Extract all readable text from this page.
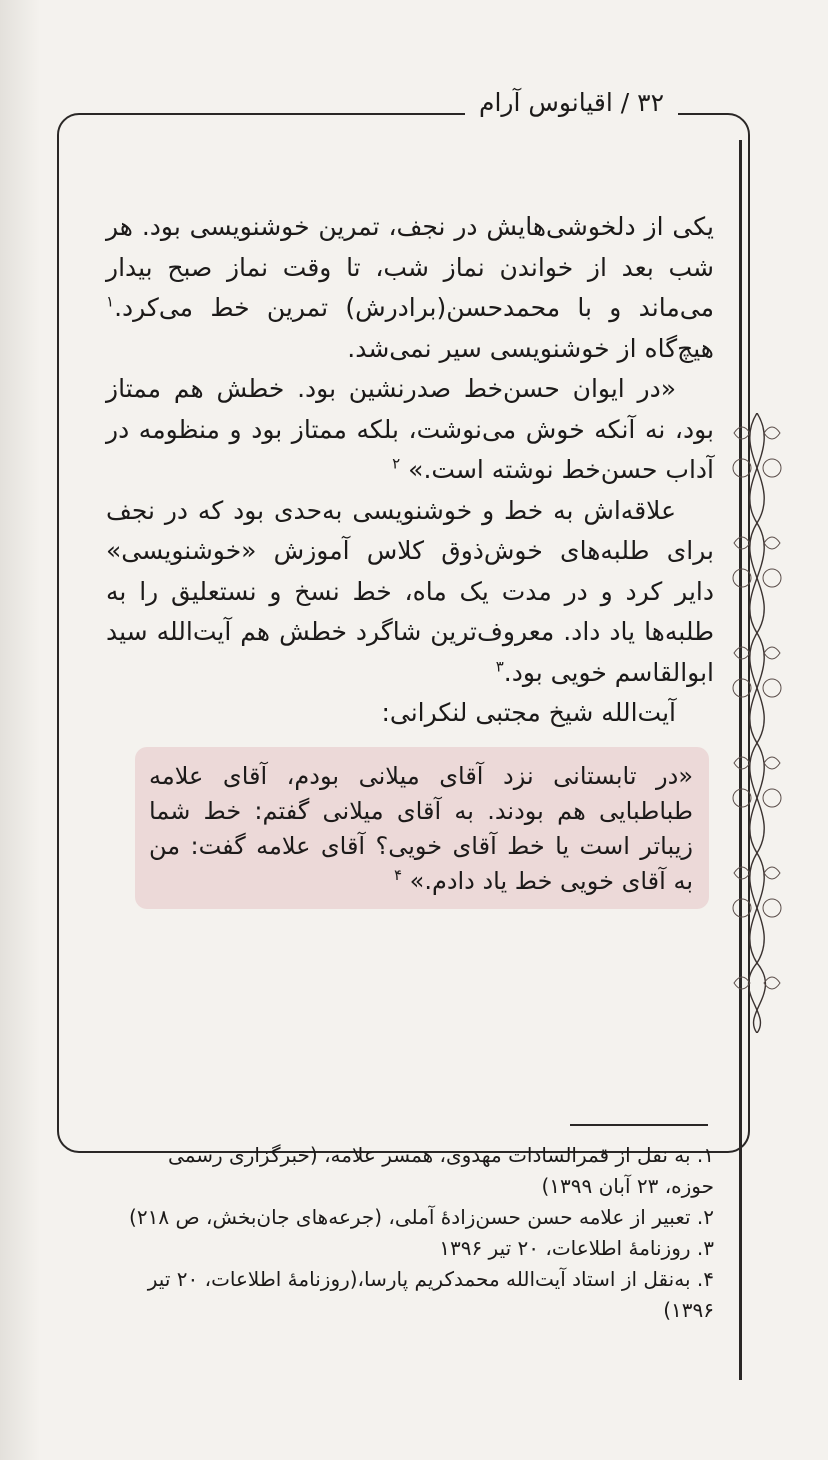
۳۲ / اقیانوس آرام

یکی از دلخوشی‌هایش در نجف، تمرین خوشنویسی بود. هر شب بعد از خواندن نماز شب، تا وقت نماز صبح بیدار می‌ماند و با محمدحسن(برادرش) تمرین خط می‌کرد.$^۱$ هیچ‌گاه از خوشنویسی سیر نمی‌شد.

«در ایوان حسن‌خط صدرنشین بود. خطش هم ممتاز بود، نه آنکه خوش می‌نوشت، بلکه ممتاز بود و منظومه در آداب حسن‌خط نوشته است.» $^۲$

علاقه‌اش به خط و خوشنویسی به‌حدی بود که در نجف برای طلبه‌های خوش‌ذوق کلاس آموزش «خوشنویسی» دایر کرد و در مدت یک ماه، خط نسخ و نستعلیق را به طلبه‌ها یاد داد. معروف‌ترین شاگرد خطش هم آیت‌الله سید ابوالقاسم خویی بود.$^۳$

آیت‌الله شیخ مجتبی لنکرانی:

«در تابستانی نزد آقای میلانی بودم، آقای علامه طباطبایی هم بودند. به آقای میلانی گفتم: خط شما زیباتر است یا خط آقای خویی؟ آقای علامه گفت: من به آقای خویی خط یاد دادم.» $^۴$
۱. به نقل از قمرالسادات مهدوی، همسر علامه، (خبرگزاری رسمی حوزه، ۲۳ آبان ۱۳۹۹)
۲. تعبیر از علامه حسن حسن‌زادهٔ آملی، (جرعه‌های جان‌بخش، ص ۲۱۸)
۳. روزنامهٔ اطلاعات، ۲۰ تیر ۱۳۹۶
۴. به‌نقل از استاد آیت‌الله محمدکریم پارسا،(روزنامهٔ اطلاعات، ۲۰ تیر ۱۳۹۶)
